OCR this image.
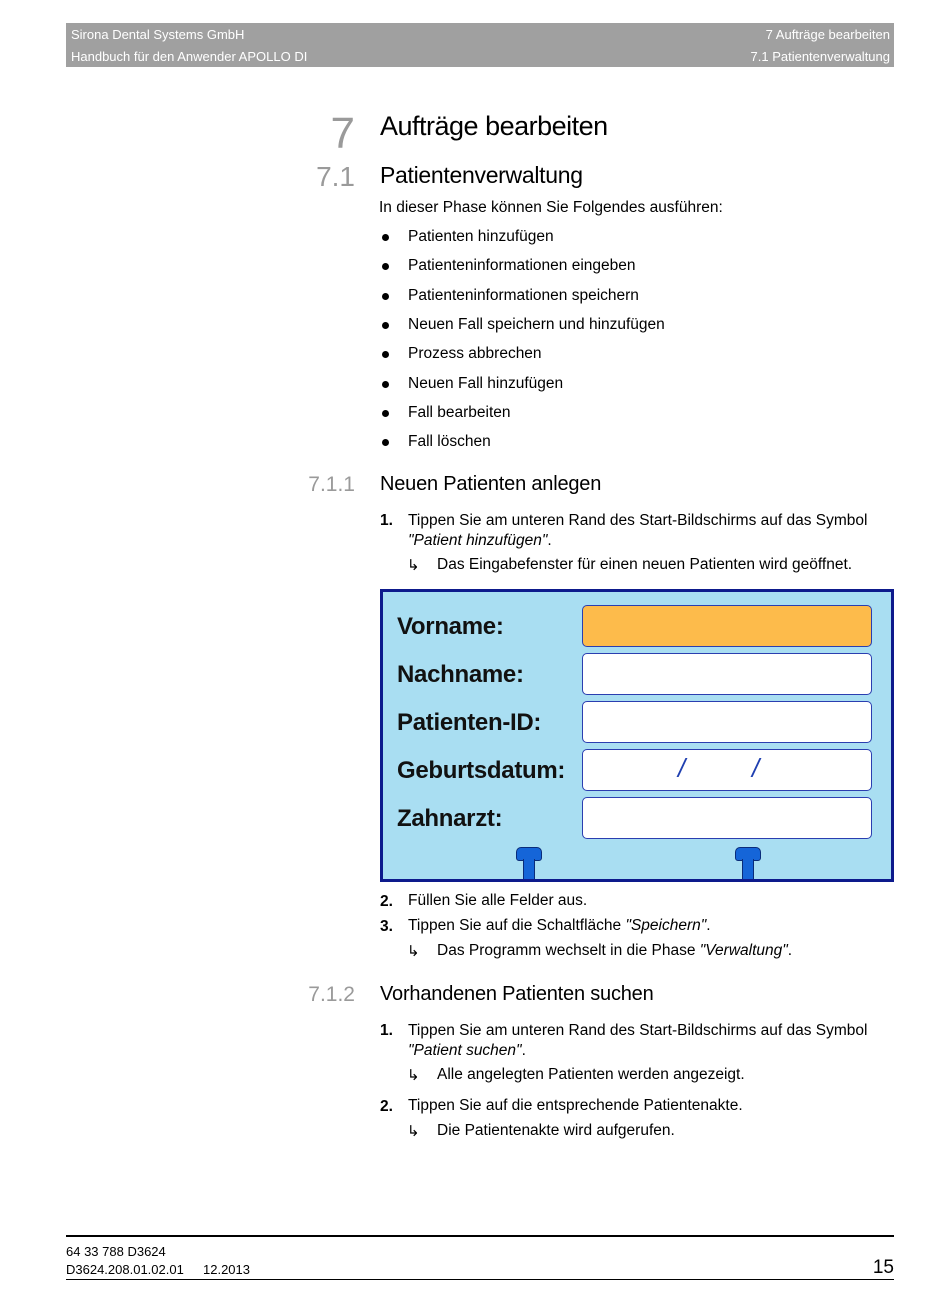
Sirona Dental Systems GmbH
Handbuch für den Anwender APOLLO DI
7 Aufträge bearbeiten
7.1 Patientenverwaltung
7 Aufträge bearbeiten
7.1 Patientenverwaltung
In dieser Phase können Sie Folgendes ausführen:
Patienten hinzufügen
Patienteninformationen eingeben
Patienteninformationen speichern
Neuen Fall speichern und hinzufügen
Prozess abbrechen
Neuen Fall hinzufügen
Fall bearbeiten
Fall löschen
7.1.1 Neuen Patienten anlegen
1. Tippen Sie am unteren Rand des Start-Bildschirms auf das Symbol
"Patient hinzufügen".
↳ Das Eingabefenster für einen neuen Patienten wird geöffnet.
Vorname:
Nachname:
Patienten-ID:
Geburtsdatum:	/	/
Zahnarzt:
2. Füllen Sie alle Felder aus.
3. Tippen Sie auf die Schaltfläche "Speichern".
↳ Das Programm wechselt in die Phase "Verwaltung".
7.1.2 Vorhandenen Patienten suchen
1. Tippen Sie am unteren Rand des Start-Bildschirms auf das Symbol
"Patient suchen".
↳ Alle angelegten Patienten werden angezeigt.
2. Tippen Sie auf die entsprechende Patientenakte.
↳ Die Patientenakte wird aufgerufen.
64 33 788 D3624
D3624.208.01.02.01 12.2013	15
